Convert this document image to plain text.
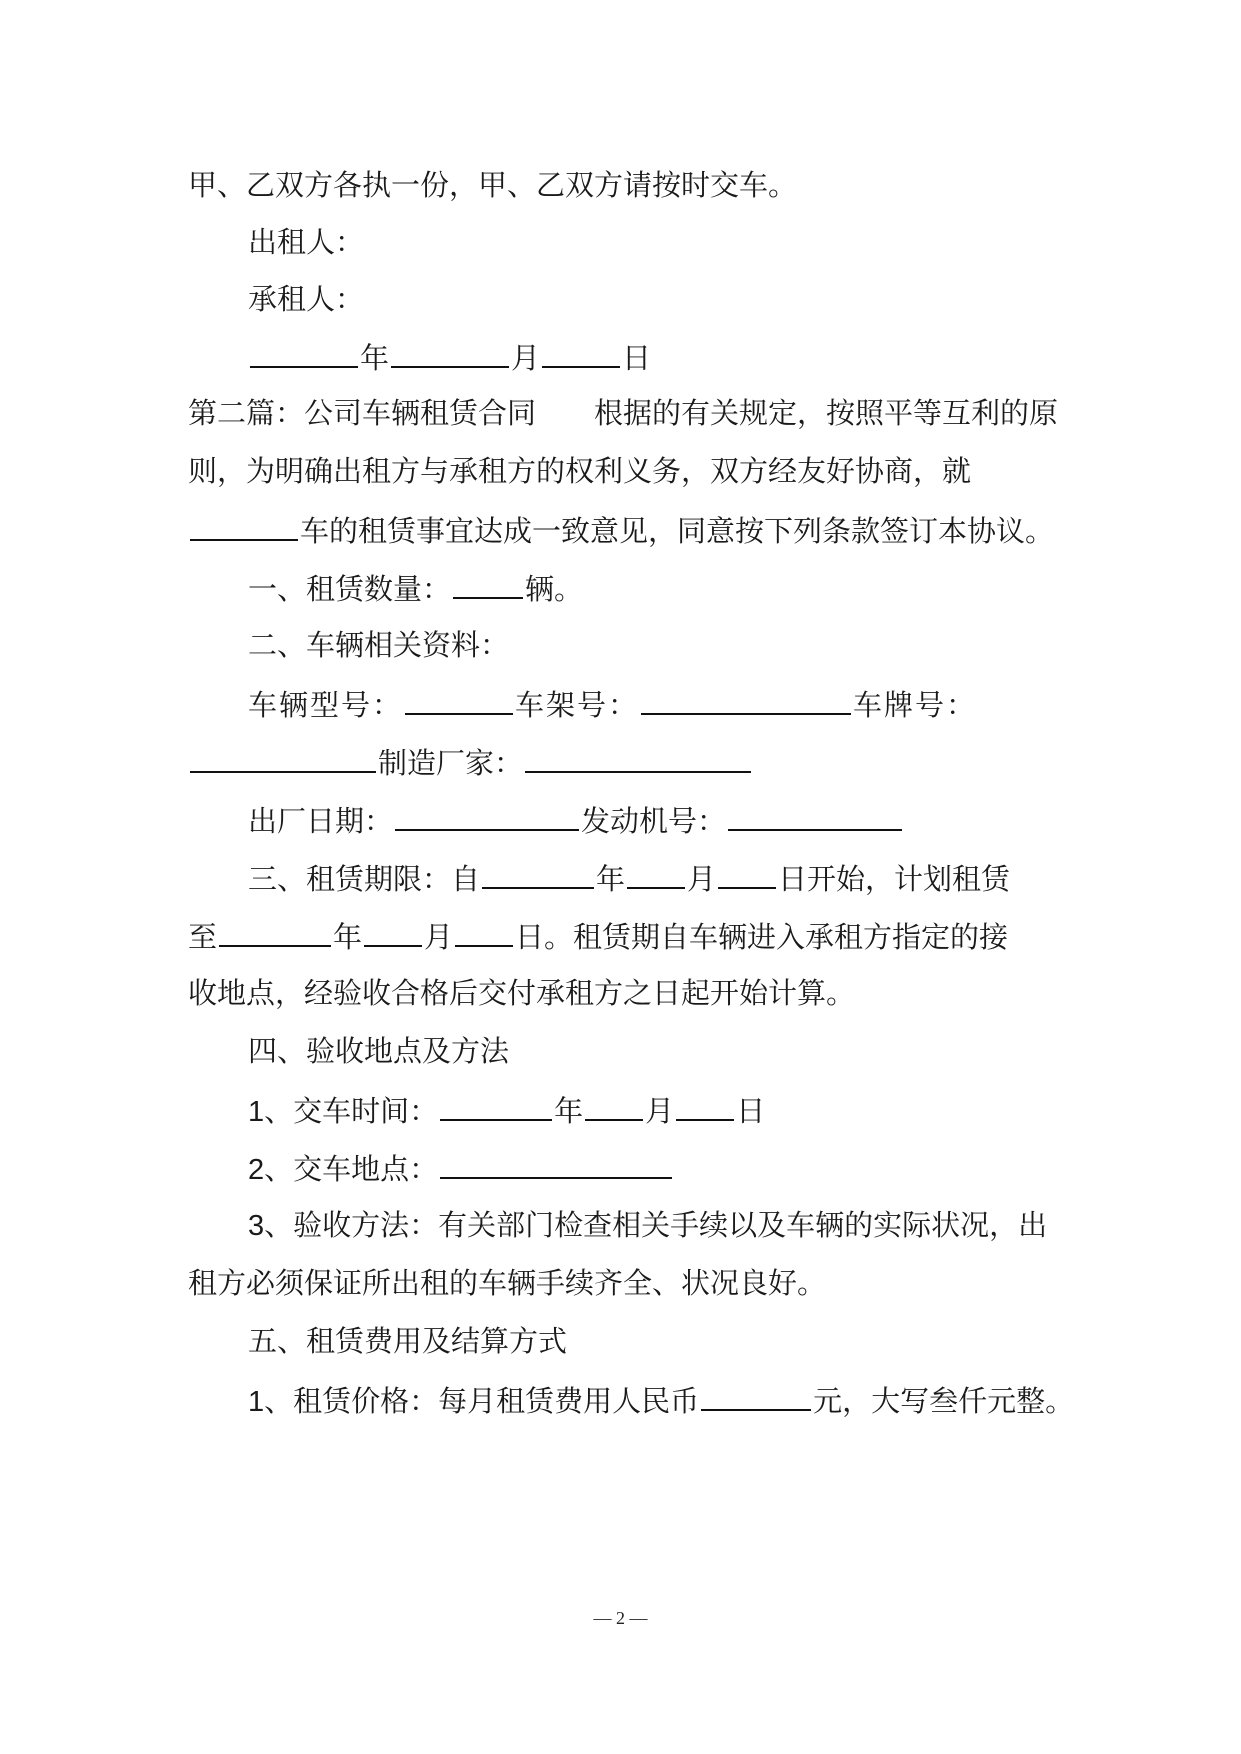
甲、乙双方各执一份，甲、乙双方请按时交车。
出租人：
承租人：
年	月	日
第二篇：公司车辆租赁合同 根据的有关规定，按照平等互利的原
则，为明确出租方与承租方的权利义务，双方经友好协商，就
车的租赁事宜达成一致意见，同意按下列条款签订本协议。
一、租赁数量：	辆。
二、车辆相关资料：
车辆型号：	车架号：	车牌号：
制造厂家：
出厂日期：	发动机号：
三、租赁期限：自	年 月 日开始，计划租赁
至	年 月 日。租赁期自车辆进入承租方指定的接
收地点，经验收合格后交付承租方之日起开始计算。
四、验收地点及方法
1、交车时间：	年 月 日
2、交车地点：
3、验收方法：有关部门检查相关手续以及车辆的实际状况，出
租方必须保证所出租的车辆手续齐全、状况良好。
五、租赁费用及结算方式
1、租赁价格：每月租赁费用人民币	元，大写叁仟元整。
— 2 —
